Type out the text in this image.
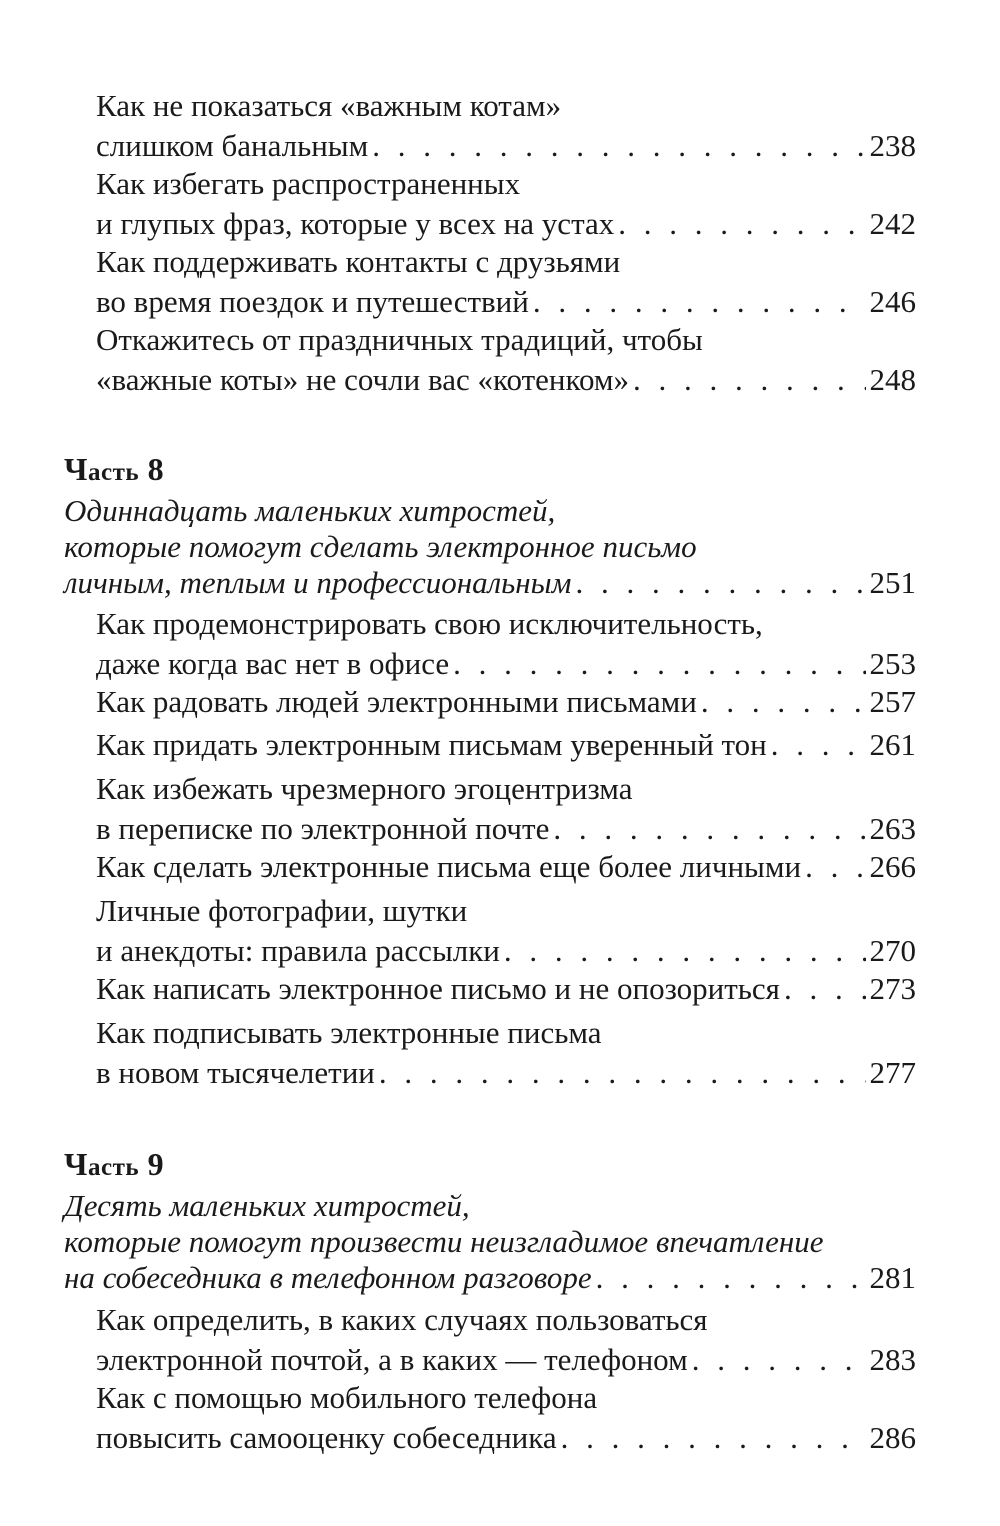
Как не показаться «важным котам»
слишком банальным . . .	238
Как избегать распространенных
и глупых фраз, которые у всех на устах . . .	242
Как поддерживать контакты с друзьями
во время поездок и путешествий . . .	246
Откажитесь от праздничных традиций, чтобы
«важные коты» не сочли вас «котенком» . . .	248
Часть 8
Одиннадцать маленьких хитростей,
которые помогут сделать электронное письмо
личным, теплым и профессиональным . . .	251
Как продемонстрировать свою исключительность,
даже когда вас нет в офисе . . .	253
Как радовать людей электронными письмами . . .	257
Как придать электронным письмам уверенный тон . . .	261
Как избежать чрезмерного эгоцентризма
в переписке по электронной почте . . .	263
Как сделать электронные письма еще более личными . . . 266
Личные фотографии, шутки
и анекдоты: правила рассылки . . .	270
Как написать электронное письмо и не опозориться . . .	273
Как подписывать электронные письма
в новом тысячелетии . . .	277
Часть 9
Десять маленьких хитростей,
которые помогут произвести неизгладимое впечатление
на собеседника в телефонном разговоре . . .	281
Как определить, в каких случаях пользоваться
электронной почтой, а в каких — телефоном . . .	283
Как с помощью мобильного телефона
повысить самооценку собеседника . . .	286
